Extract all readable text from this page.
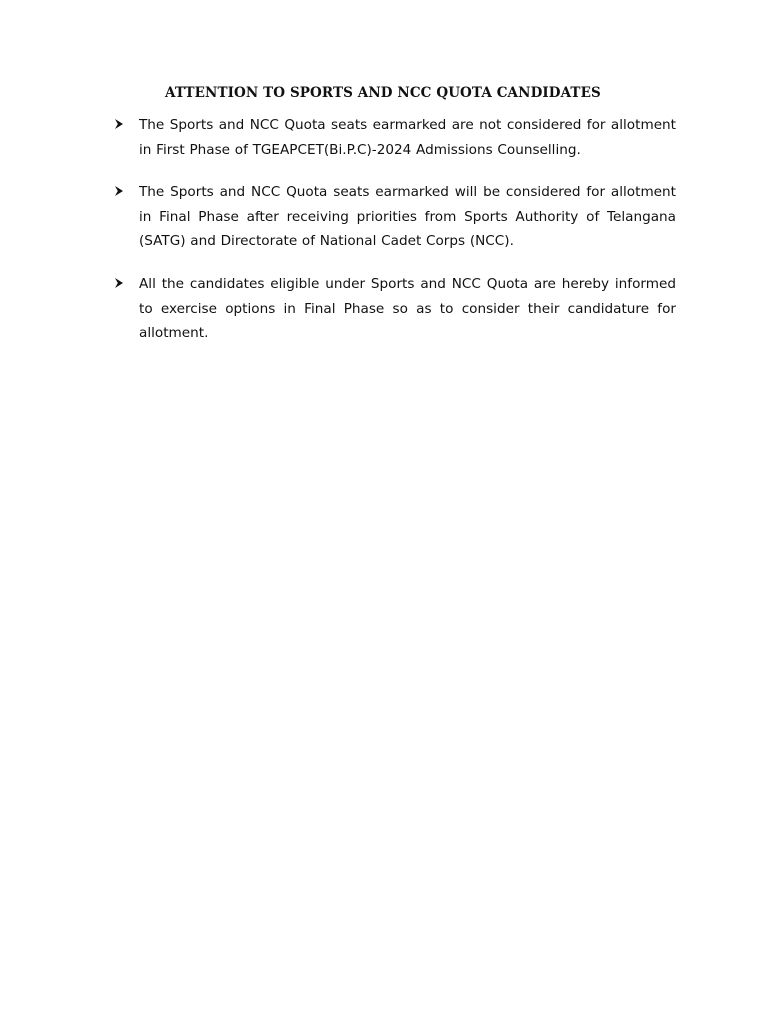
ATTENTION TO SPORTS AND NCC QUOTA CANDIDATES
The Sports and NCC Quota seats earmarked are not considered for allotment in First Phase of TGEAPCET(Bi.P.C)-2024 Admissions Counselling.
The Sports and NCC Quota seats earmarked will be considered for allotment in Final Phase after receiving priorities from Sports Authority of Telangana (SATG) and Directorate of National Cadet Corps (NCC).
All the candidates eligible under Sports and NCC Quota are hereby informed to exercise options in Final Phase so as to consider their candidature for allotment.
